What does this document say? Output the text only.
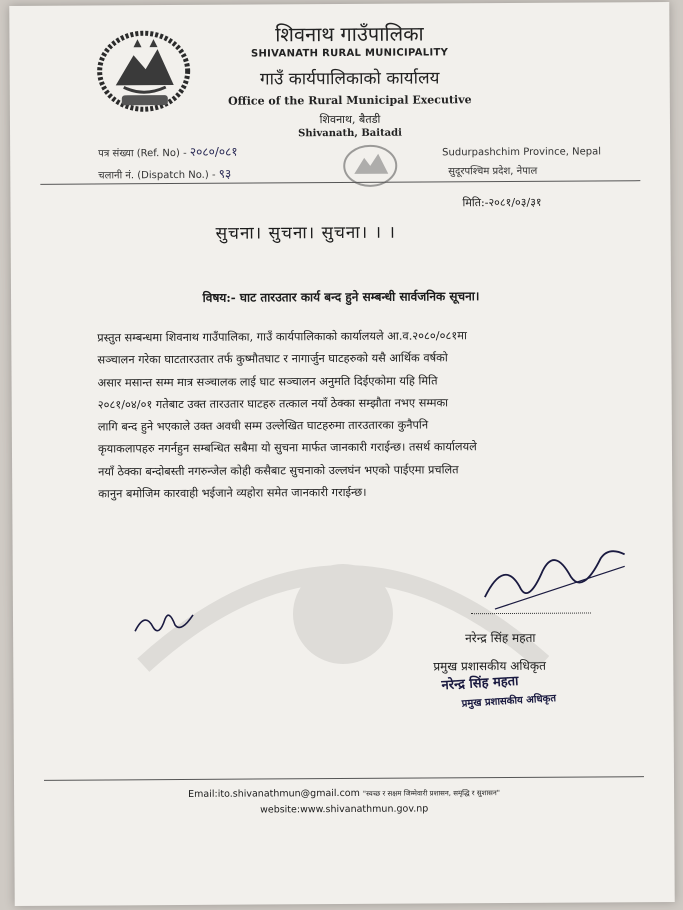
शिवनाथ गाउँपालिका
SHIVANATH RURAL MUNICIPALITY
गाउँ कार्यपालिकाको कार्यालय
Office of the Rural Municipal Executive
शिवनाथ, बैतडी
Shivanath, Baitadi
पत्र संख्या (Ref. No) - २०८०/०८१
चलानी नं. (Dispatch No.) - ९३
Sudurpashchim Province, Nepal
सुदूरपश्चिम प्रदेश, नेपाल
मिति:-२०८१/०३/३१
सुचना। सुचना। सुचना। । ।
विषय:- घाट तारउतार कार्य बन्द हुने सम्बन्धी सार्वजनिक सूचना।
प्रस्तुत सम्बन्धमा शिवनाथ गाउँपालिका, गाउँ कार्यपालिकाको कार्यालयले आ.व.२०८०/०८१मा
सञ्चालन गरेका घाटतारउतार तर्फ कुष्मौतघाट र नागार्जुन घाटहरुको यसै आर्थिक वर्षको
असार मसान्त सम्म मात्र सञ्चालक लाई घाट सञ्चालन अनुमति दिईएकोमा यहि मिति
२०८१/०४/०१ गतेबाट उक्त तारउतार घाटहरु तत्काल नयाँ ठेक्का सम्झौता नभए सम्मका
लागि बन्द हुने भएकाले उक्त अवधी सम्म उल्लेखित घाटहरुमा तारउतारका कुनैपनि
कृयाकलापहरु नगर्नहुन सम्बन्धित सबैमा यो सुचना मार्फत जानकारी गराईन्छ। तसर्थ कार्यालयले
नयाँ ठेक्का बन्दोबस्ती नगरुन्जेल कोही कसैबाट सुचनाको उल्लघंन भएको पाईएमा प्रचलित
कानुन बमोजिम कारवाही भईजाने व्यहोरा समेत जानकारी गराईन्छ।
नरेन्द्र सिंह महता
प्रमुख प्रशासकीय अधिकृत
नरेन्द्र सिंह महता
प्रमुख प्रशासकीय अधिकृत
Email:ito.shivanathmun@gmail.com "स्वच्छ र सक्षम जिम्मेवारी प्रशासन, समृद्धि र सुशासन"
website:www.shivanathmun.gov.np
